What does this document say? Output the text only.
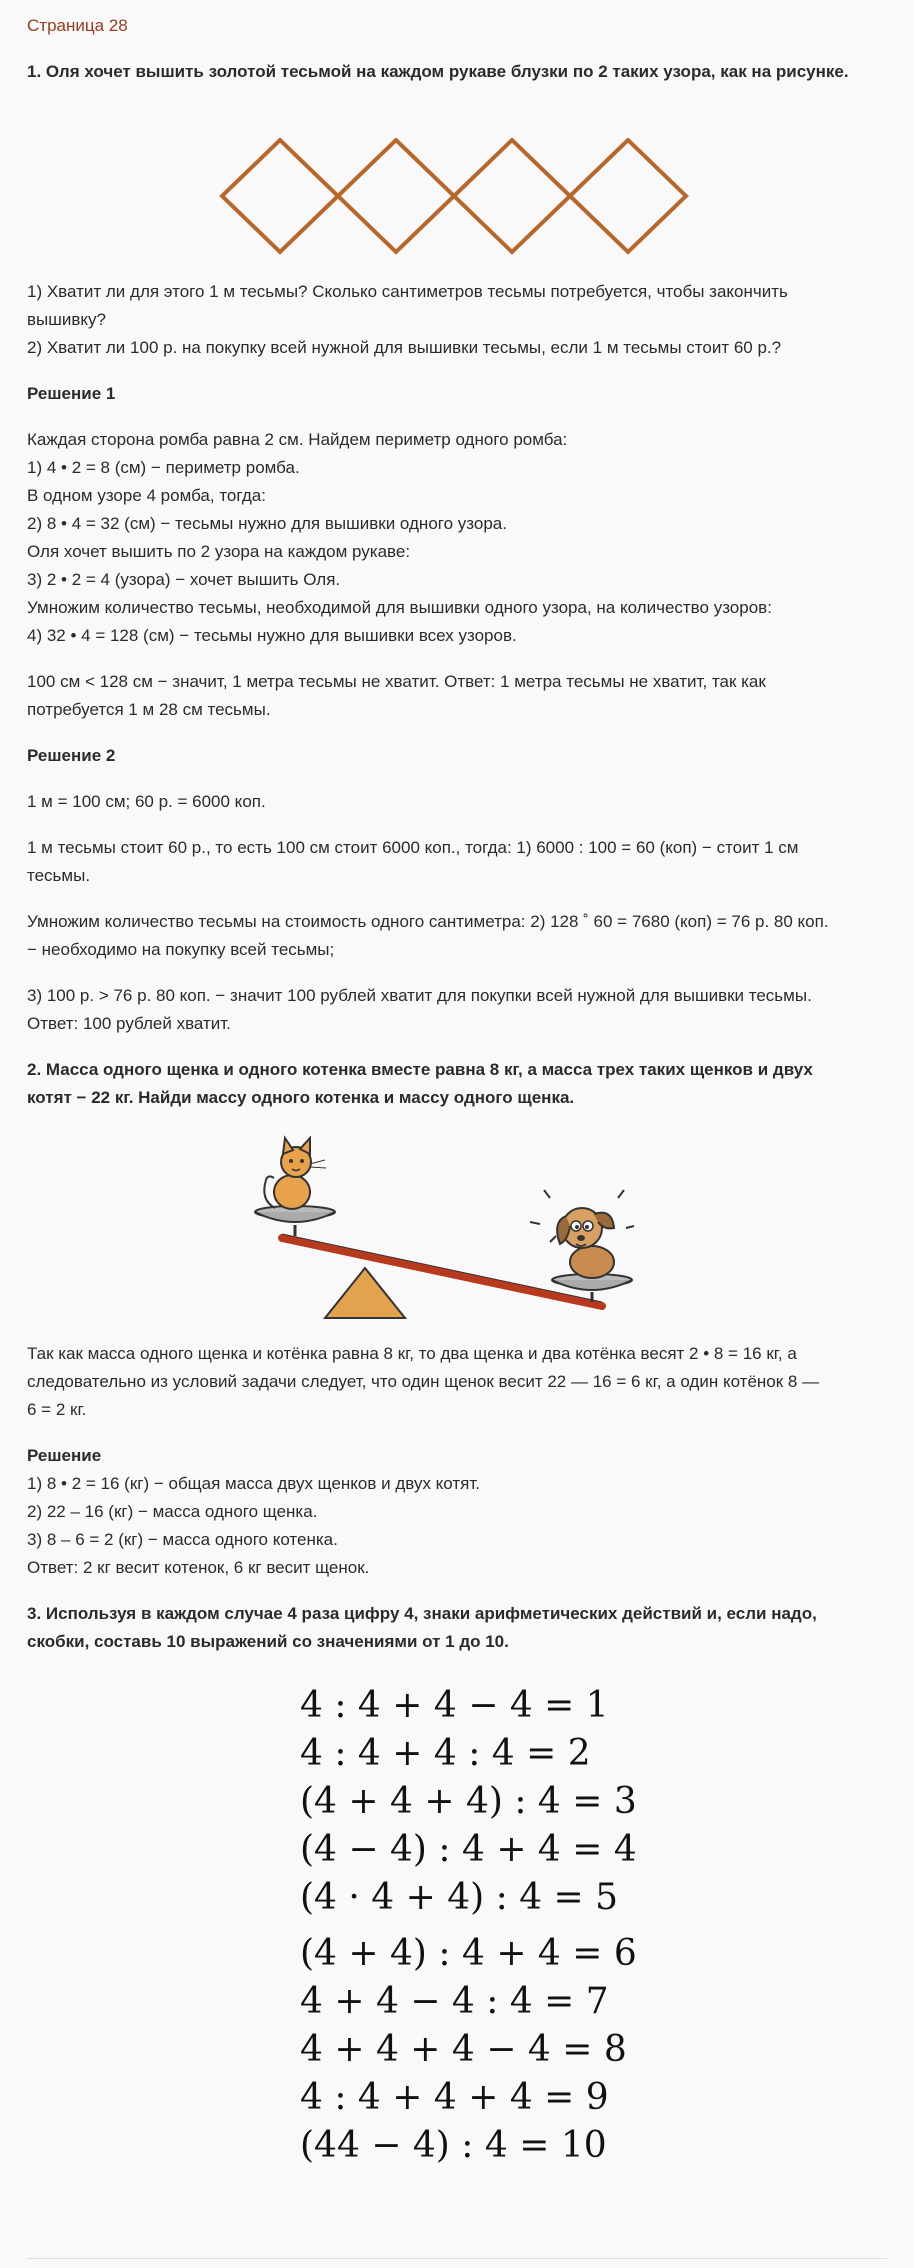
Страница 28

1. Оля хочет вышить золотой тесьмой на каждом рукаве блузки по 2 таких узора, как на рисунке.

1) Хватит ли для этого 1 м тесьмы? Сколько сантиметров тесьмы потребуется, чтобы закончить

вышивку?

2) Хватит ли 100 р. на покупку всей нужной для вышивки тесьмы, если 1 м тесьмы стоит 60 р.?

Решение 1

Каждая сторона ромба равна 2 см. Найдем периметр одного ромба:

1) 4 • 2 = 8 (см) − периметр ромба.

В одном узоре 4 ромба, тогда:

2) 8 • 4 = 32 (см) − тесьмы нужно для вышивки одного узора.

Оля хочет вышить по 2 узора на каждом рукаве:

3) 2 • 2 = 4 (узора) − хочет вышить Оля.

Умножим количество тесьмы, необходимой для вышивки одного узора, на количество узоров:

4) 32 • 4 = 128 (см) − тесьмы нужно для вышивки всех узоров.

100 см < 128 см − значит, 1 метра тесьмы не хватит. Ответ: 1 метра тесьмы не хватит, так как

потребуется 1 м 28 см тесьмы.

Решение 2

1 м = 100 см; 60 р. = 6000 коп.

1 м тесьмы стоит 60 р., то есть 100 см стоит 6000 коп., тогда: 1) 6000 : 100 = 60 (коп) − стоит 1 см

тесьмы.

Умножим количество тесьмы на стоимость одного сантиметра: 2) 128 ˚ 60 = 7680 (коп) = 76 р. 80 коп.

− необходимо на покупку всей тесьмы;

3) 100 р. > 76 р. 80 коп. − значит 100 рублей хватит для покупки всей нужной для вышивки тесьмы.

Ответ: 100 рублей хватит.

2. Масса одного щенка и одного котенка вместе равна 8 кг, а масса трех таких щенков и двух

котят − 22 кг. Найди массу одного котенка и массу одного щенка.

Так как масса одного щенка и котёнка равна 8 кг, то два щенка и два котёнка весят 2 • 8 = 16 кг, а

следовательно из условий задачи следует, что один щенок весит 22 — 16 = 6 кг, а один котёнок 8 —

6 = 2 кг.

Решение

1) 8 • 2 = 16 (кг) − общая масса двух щенков и двух котят.

2) 22 – 16 (кг) − масса одного щенка.

3) 8 – 6 = 2 (кг) − масса одного котенка.

Ответ: 2 кг весит котенок, 6 кг весит щенок.

3. Используя в каждом случае 4 раза цифру 4, знаки арифметических действий и, если надо,

скобки, составь 10 выражений со значениями от 1 до 10.

4 : 4 + 4 − 4 = 1
4 : 4 + 4 : 4 = 2
(4 + 4 + 4) : 4 = 3
(4 − 4) : 4 + 4 = 4
(4 · 4 + 4) : 4 = 5
(4 + 4) : 4 + 4 = 6
4 + 4 − 4 : 4 = 7
4 + 4 + 4 − 4 = 8
4 : 4 + 4 + 4 = 9
(44 − 4) : 4 = 10
